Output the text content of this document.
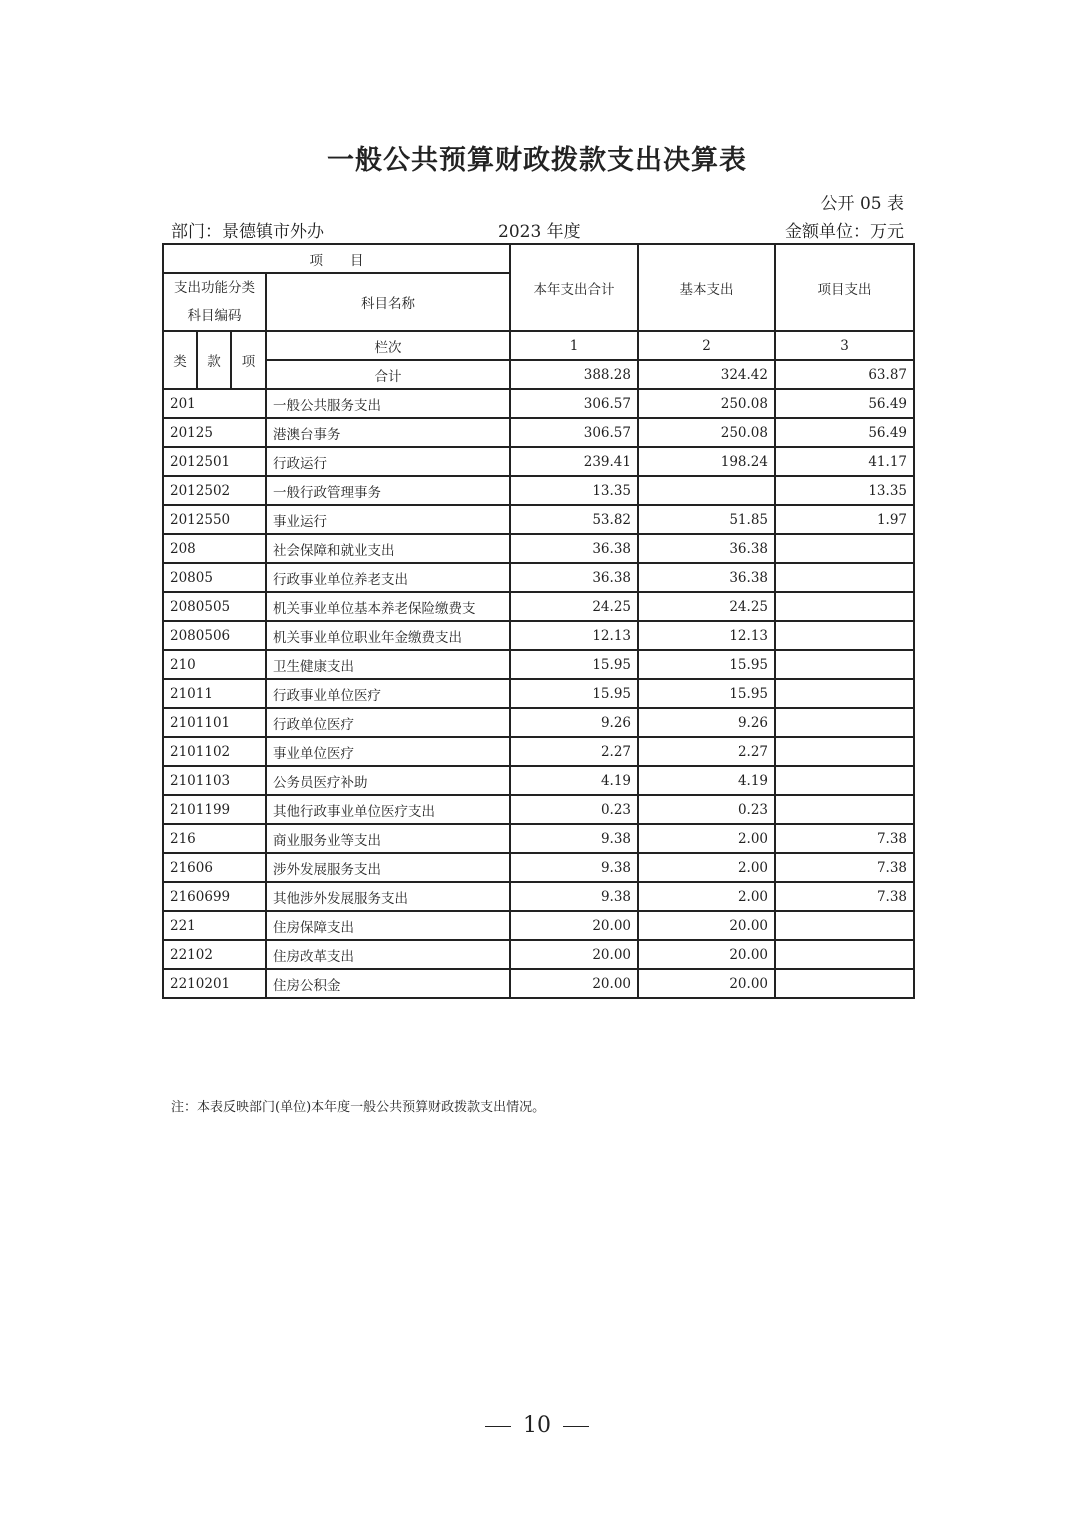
一般公共预算财政拨款支出决算表
公开 05 表
部门：景德镇市外办	2023 年度	金额单位：万元
项　　目				本年支出合计	基本支出	项目支出
支出功能分类科目编码			科目名称			
类	款	项	栏次	1	2	3
			合计	388.28	324.42	63.87
201			一般公共服务支出	306.57	250.08	56.49
20125			港澳台事务	306.57	250.08	56.49
2012501			行政运行	239.41	198.24	41.17
2012502			一般行政管理事务	13.35		13.35
2012550			事业运行	53.82	51.85	1.97
208			社会保障和就业支出	36.38	36.38	
20805			行政事业单位养老支出	36.38	36.38	
2080505			机关事业单位基本养老保险缴费支	24.25	24.25	
2080506			机关事业单位职业年金缴费支出	12.13	12.13	
210			卫生健康支出	15.95	15.95	
21011			行政事业单位医疗	15.95	15.95	
2101101			行政单位医疗	9.26	9.26	
2101102			事业单位医疗	2.27	2.27	
2101103			公务员医疗补助	4.19	4.19	
2101199			其他行政事业单位医疗支出	0.23	0.23	
216			商业服务业等支出	9.38	2.00	7.38
21606			涉外发展服务支出	9.38	2.00	7.38
2160699			其他涉外发展服务支出	9.38	2.00	7.38
221			住房保障支出	20.00	20.00	
22102			住房改革支出	20.00	20.00	
2210201			住房公积金	20.00	20.00	
注：本表反映部门(单位)本年度一般公共预算财政拨款支出情况。
10
